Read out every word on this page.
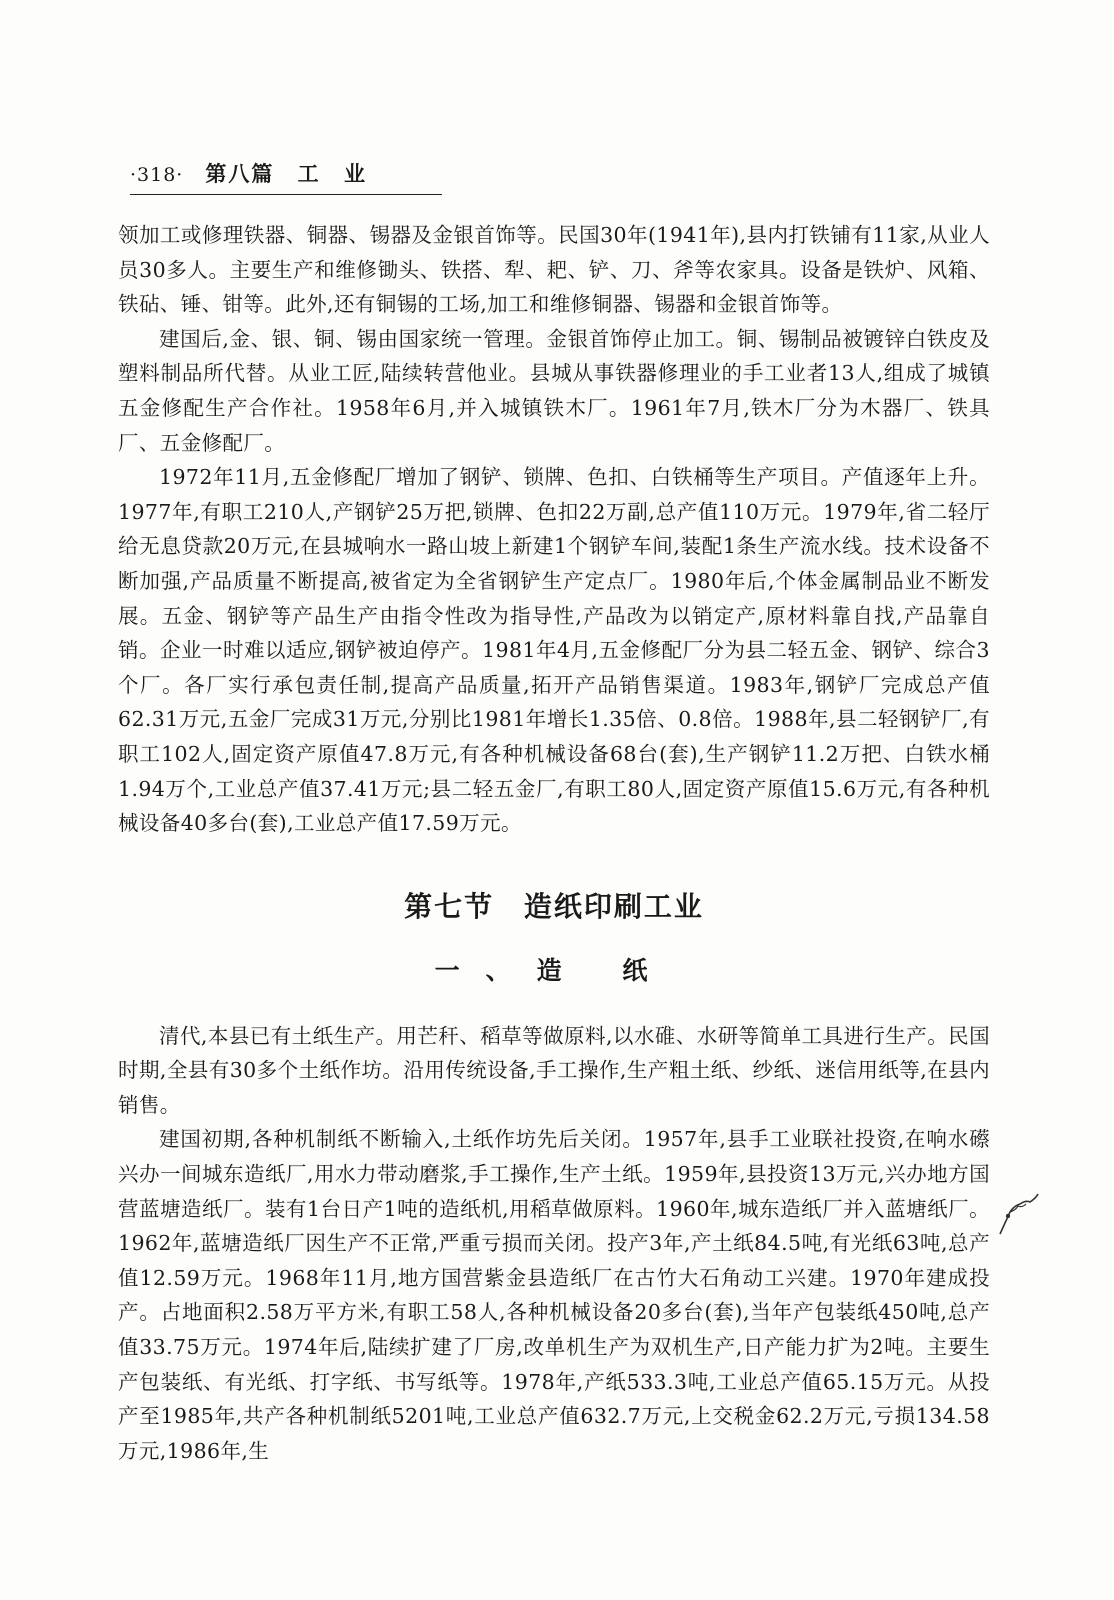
·318· 第八篇 工 业

领加工或修理铁器、铜器、锡器及金银首饰等。民国30年(1941年),县内打铁铺有11家,从业人员30多人。主要生产和维修锄头、铁搭、犁、耙、铲、刀、斧等农家具。设备是铁炉、风箱、铁砧、锤、钳等。此外,还有铜锡的工场,加工和维修铜器、锡器和金银首饰等。

建国后,金、银、铜、锡由国家统一管理。金银首饰停止加工。铜、锡制品被镀锌白铁皮及塑料制品所代替。从业工匠,陆续转营他业。县城从事铁器修理业的手工业者13人,组成了城镇五金修配生产合作社。1958年6月,并入城镇铁木厂。1961年7月,铁木厂分为木器厂、铁具厂、五金修配厂。

1972年11月,五金修配厂增加了钢铲、锁牌、色扣、白铁桶等生产项目。产值逐年上升。1977年,有职工210人,产钢铲25万把,锁牌、色扣22万副,总产值110万元。1979年,省二轻厅给无息贷款20万元,在县城响水一路山坡上新建1个钢铲车间,装配1条生产流水线。技术设备不断加强,产品质量不断提高,被省定为全省钢铲生产定点厂。1980年后,个体金属制品业不断发展。五金、钢铲等产品生产由指令性改为指导性,产品改为以销定产,原材料靠自找,产品靠自销。企业一时难以适应,钢铲被迫停产。1981年4月,五金修配厂分为县二轻五金、钢铲、综合3个厂。各厂实行承包责任制,提高产品质量,拓开产品销售渠道。1983年,钢铲厂完成总产值62.31万元,五金厂完成31万元,分别比1981年增长1.35倍、0.8倍。1988年,县二轻钢铲厂,有职工102人,固定资产原值47.8万元,有各种机械设备68台(套),生产钢铲11.2万把、白铁水桶1.94万个,工业总产值37.41万元;县二轻五金厂,有职工80人,固定资产原值15.6万元,有各种机械设备40多台(套),工业总产值17.59万元。

第七节 造纸印刷工业
一、造 纸

清代,本县已有土纸生产。用芒秆、稻草等做原料,以水碓、水研等简单工具进行生产。民国时期,全县有30多个土纸作坊。沿用传统设备,手工操作,生产粗土纸、纱纸、迷信用纸等,在县内销售。

建国初期,各种机制纸不断输入,土纸作坊先后关闭。1957年,县手工业联社投资,在响水礤兴办一间城东造纸厂,用水力带动磨浆,手工操作,生产土纸。1959年,县投资13万元,兴办地方国营蓝塘造纸厂。装有1台日产1吨的造纸机,用稻草做原料。1960年,城东造纸厂并入蓝塘纸厂。1962年,蓝塘造纸厂因生产不正常,严重亏损而关闭。投产3年,产土纸84.5吨,有光纸63吨,总产值12.59万元。1968年11月,地方国营紫金县造纸厂在古竹大石角动工兴建。1970年建成投产。占地面积2.58万平方米,有职工58人,各种机械设备20多台(套),当年产包装纸450吨,总产值33.75万元。1974年后,陆续扩建了厂房,改单机生产为双机生产,日产能力扩为2吨。主要生产包装纸、有光纸、打字纸、书写纸等。1978年,产纸533.3吨,工业总产值65.15万元。从投产至1985年,共产各种机制纸5201吨,工业总产值632.7万元,上交税金62.2万元,亏损134.58万元,1986年,生
